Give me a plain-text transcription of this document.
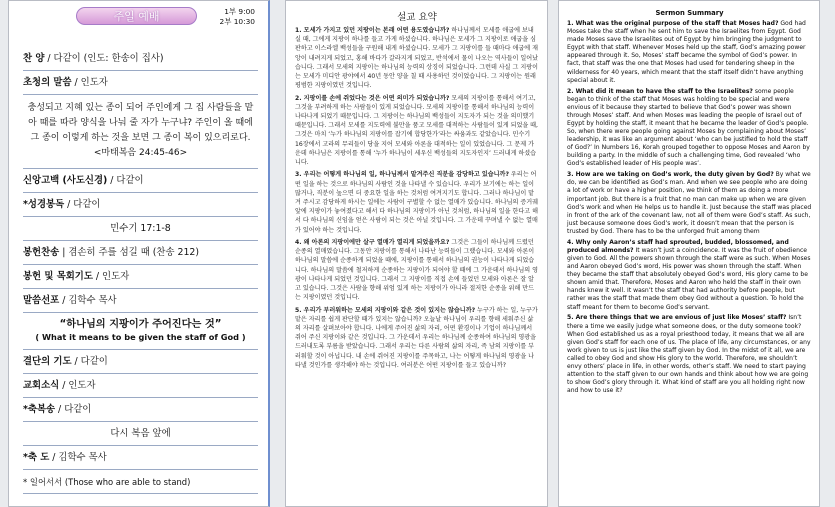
주일 예배	1부 9:00
2부 10:30
찬 양 / 다같이 (인도: 한송이 집사)
초청의 말씀 / 인도자
충성되고 지혜 있는 종이 되어 주인에게 그 집 사람들을 맡아 때를 따라 양식을 나눠 줄 자가 누구냐? 주인이 올 때에 그 종이 이렇게 하는 것을 보면 그 종이 복이 있으리로다. <마태복음 24:45-46>
신앙고백 (사도신경) / 다같이
*성경봉독 / 다같이
민수기 17:1-8
봉헌찬송 | 겸손히 주를 섬길 때 (찬송 212)
봉헌 및 목회기도 / 인도자
말씀선포 / 김학수 목사
“하나님의 지팡이가 주어진다는 것”
( What it means to be given the staff of God )
결단의 기도 / 다같이
교회소식 / 인도자
*축복송 / 다같이
다시 복음 앞에
*축 도 / 김학수 목사
* 일어서서 (Those who are able to stand)
설교 요약

1. 모세가 가지고 있던 지팡이는 본래 어떤 용도였습니까? 하나님께서 모세를 애굽에 보내실 때, 그에게 지팡이 하나를 들고 가게 하셨습니다. 하나님은 모세가 그 지팡이로 애굽을 심판하고 이스라엘 백성들을 구원해 내게 하셨습니다. 모세가 그 지팡이를 들 때마다 애굽에 재앙이 내려지게 되었고, 홍해 바다가 갈라지게 되었고, 반석에서 물이 나오는 역사들이 일어났습니다. 그래서 모세의 지팡이는 하나님의 능력의 상징이 되었습니다. 그런데 사실 그 지팡이는 모세가 미디안 광야에서 40년 동안 양을 칠 때 사용하던 것이었습니다. 그 지팡이는 원래 평범한 지팡이였던 것입니다.

2. 지팡이를 손에 쥐었다는 것은 어떤 의미가 되었습니까? 모세의 지팡이를 통해서 여기고, 그것을 부려하게 하는 사람들이 있게 되었습니다. 모세의 지팡이를 통해서 하나님의 능력이 나타나게 되었기 때문입니다. 그 지팡이는 하나님의 백성들이 지도자가 되는 것을 의미했기 때문입니다. 그래서 모세를 지도력에 불만을 품고 모세를 대적하는 사람들이 있게 되었을 때, 그것은 마치 ‘누가 하나님의 지팡이를 잡기에 합당한가’라는 싸움과도 같았습니다. 민수기 16장에서 고라의 무리들이 당을 지어 모세와 아론을 대적하는 일이 있었습니다. 그 문제 가운데 하나님은 지팡이를 통해 ‘누가 하나님이 세우신 백성들의 지도자인지’ 드러내게 하셨습니다.

3. 우리는 어떻게 하나님의 일, 하나님께서 맡겨주신 직분을 감당하고 있습니까? 우리는 어떤 일을 하는 것으로 하나님의 사람인 것을 나타낼 수 있습니다. 우리가 보기에는 하는 일이 많거나, 직분이 높으면 더 중요한 일을 하는 것처럼 여겨지기도 합니다. 그러나 하나님이 맡겨 주시고 감당하게 하시는 일에는 사람이 구별할 수 없는 열매가 있습니다. 하나님의 증거궤 앞에 지팡이가 놓여졌다고 해서 다 하나님의 지팡이가 아닌 것처럼, 하나님의 일을 한다고 해서 다 하나님의 신임을 얻은 사람이 되는 것은 아닐 것입니다. 그 가운데 꾸며낼 수 없는 열매가 있어야 하는 것입니다.

4. 왜 아론의 지팡이에만 살구 열매가 열리게 되었을까요? 그것은 그들이 하나님께 드렸던 순종의 열매였습니다. 그동안 지팡이를 통해서 나타난 능력들이 그랬습니다. 모세와 아론이 하나님의 말씀에 순종하게 되었을 때에, 지팡이를 통해서 하나님의 권능이 나타나게 되었습니다. 하나님의 말씀에 철저하게 순종하는 지팡이가 되어야 할 때에 그 가운데서 하나님의 영광이 나타나게 되었던 것입니다. 그래서 그 지팡이를 직접 손에 들었던 모세와 아론은 잘 알고 있습니다. 그것은 사람을 향해 위엄 있게 하는 지팡이가 아니라 절저한 순종을 위해 만드는 지팡이였던 것입니다.

5. 우리가 부러워하는 모세의 지팡이와 같은 것이 있지는 않습니까? 누구가 하는 일, 누구가 맡은 자리를 쉽게 판단할 때가 있지는 않습니까? 오늘날 하나님이 우리를 향해 세워주신 삶의 자리를 살펴보아야 합니다. 나에게 주어진 삶의 자리, 어떤 환경이나 기업이 하나님께서 쥐어 주신 지팡이와 같은 것입니다. 그 가운데서 우리는 하나님께 순종하여 하나님의 영광을 드러내도록 부름을 받았습니다. 그래서 우리는 다른 사람의 삶의 자리, 즉 남의 지팡이를 부러워할 것이 아닙니다. 내 손에 쥐어진 지팡이를 주목하고, 나는 어떻게 하나님의 영광을 나타낼 것인가를 생각해야 하는 것입니다. 여러분은 어떤 지팡이를 들고 있습니까?

Sermon Summary

1. What was the original purpose of the staff that Moses had? God had Moses take the staff when he sent him to save the Israelites from Egypt. God made Moses save the Israelites out of Egypt by him bringing the judgment to Egypt with that staff. Whenever Moses held up the staff, God’s amazing power appeared through it. So, Moses’ staff became the symbol of God’s power. In fact, that staff was the one that Moses had used for tendering sheep in the wilderness for 40 years, which meant that the staff itself didn’t have anything special about it.

2. What did it mean to have the staff to the Israelites? some people began to think of the staff that Moses was holding to be special and were envious of it because they started to believe that God’s power was shown through Moses’ staff. And when Moses was leading the people of Israel out of Egypt by holding the staff, it meant that he became the leader of God’s people. So, when there were people going against Moses by complaining about Moses’ leadership, it was like an argument about ‘who can be justified to hold the staff of God?’ In Numbers 16, Korah grouped together to oppose Moses and Aaron by building a party. In the middle of such a challenging time, God revealed ‘who God’s established leader of His people was’.

3. How are we taking on God’s work, the duty given by God? By what we do, we can be identified as God’s man. And when we see people who are doing a lot of work or have a higher position, we think of them as doing a more important job. But there is a fruit that no man can make up when we are given God’s work and when He helps us to handle it. Just because the staff was placed in front of the ark of the covenant law, not all of them were God’s staff. As such, just because someone does God’s work, it doesn’t mean that the person is trusted by God. There has to be the unforged fruit among them

4. Why only Aaron’s staff had sprouted, budded, blossomed, and produced almonds? It wasn’t just a coincidence. It was the fruit of obedience given to God. All the powers shown through the staff were as such. When Moses and Aaron obeyed God’s word, His power was shown through the staff. When they became the staff that absolutely obeyed God’s word, His glory came to be shown amid that. Therefore, Moses and Aaron who held the staff in their own hands knew it well. It wasn’t the staff that had authority before people, but rather was the staff that made them obey God without a question. To hold the staff meant for them to become God’s servant.

5. Are there things that we are envious of just like Moses’ staff? Isn’t there a time we easily judge what someone does, or the duty someone took? When God established us as a royal priesthood today, it means that we all are given God’s staff for each one of us. The place of life, any circumstances, or any work given to us is just like the staff given by God. In the midst of it all, we are called to obey God and show His glory to the world. Therefore, we shouldn’t envy others’ place in life, in other words, other’s staff. We need to start paying attention to the staff given to our own hands and think about how we are going to show God’s glory through it. What kind of staff are you all holding right now and how to use it?
